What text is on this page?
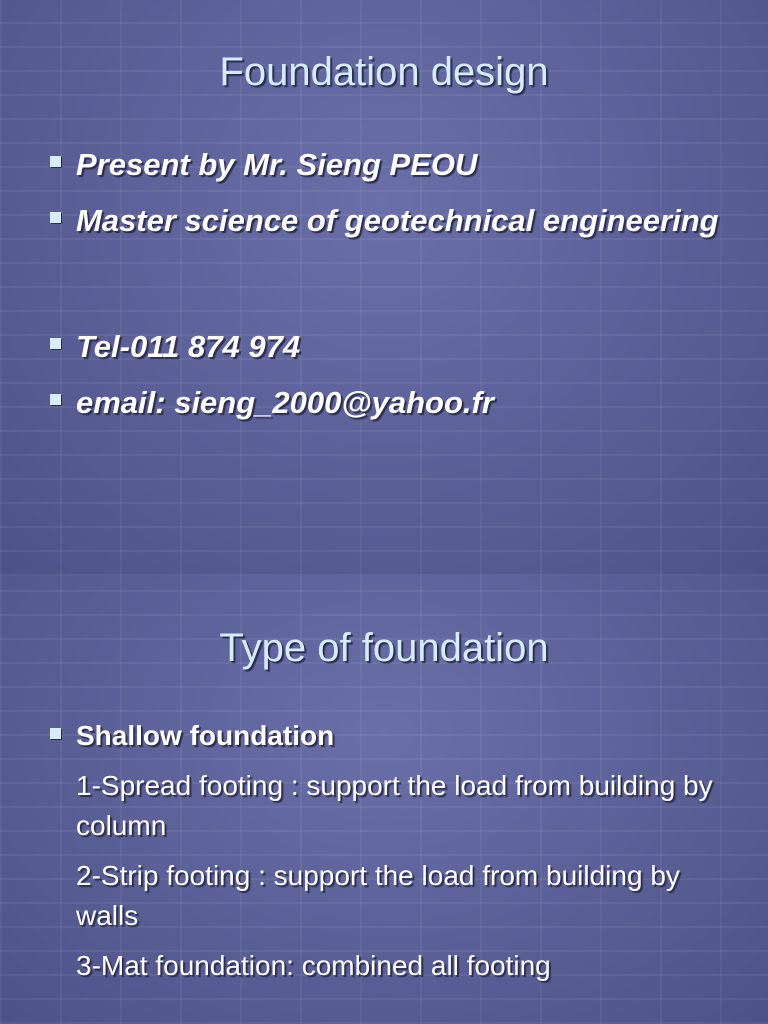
Foundation design
Present by Mr. Sieng PEOU
Master science of geotechnical engineering
Tel-011 874 974
email: sieng_2000@yahoo.fr
Type of foundation
Shallow foundation
1-Spread footing : support the load from building by column
2-Strip footing : support the load from building by walls
3-Mat foundation: combined all footing
